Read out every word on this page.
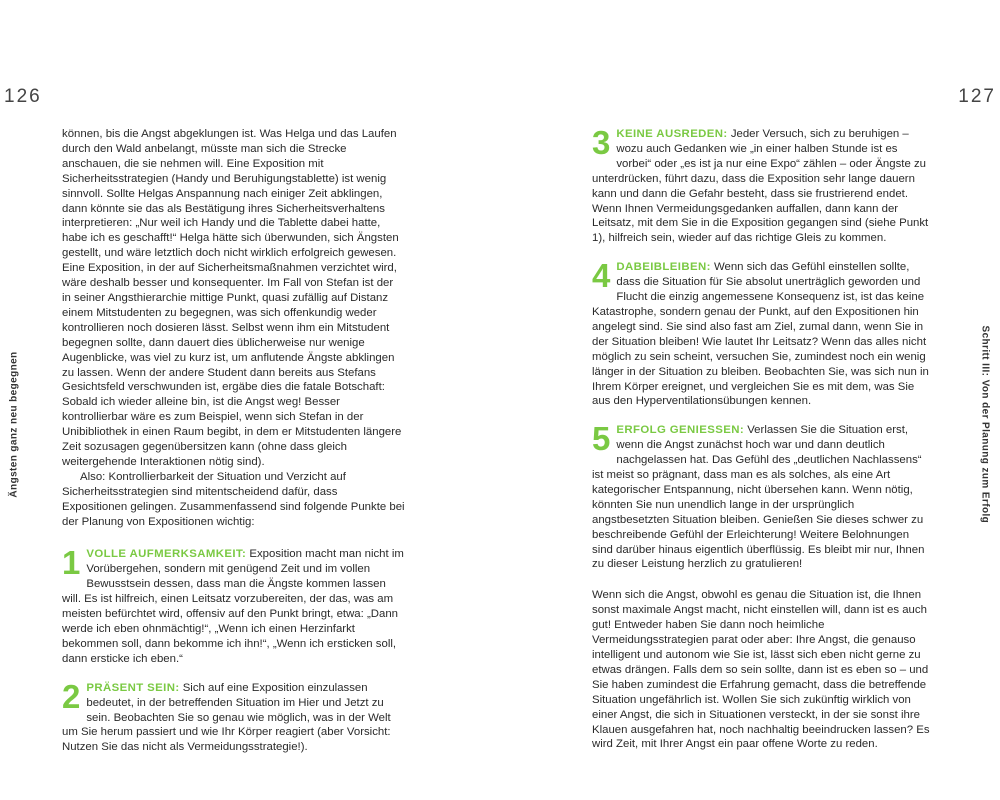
126
Ängsten ganz neu begegnen

können, bis die Angst abgeklungen ist. Was Helga und das Laufen durch den Wald anbelangt, müsste man sich die Strecke anschauen, die sie nehmen will. Eine Exposition mit Sicherheitsstrategien (Handy und Beruhigungstablette) ist wenig sinnvoll. Sollte Helgas Anspannung nach einiger Zeit abklingen, dann könnte sie das als Bestätigung ihres Sicherheitsverhaltens interpretieren: „Nur weil ich Handy und die Tablette dabei hatte, habe ich es geschafft!“ Helga hätte sich überwunden, sich Ängsten gestellt, und wäre letztlich doch nicht wirklich erfolgreich gewesen. Eine Exposition, in der auf Sicherheitsmaßnahmen verzichtet wird, wäre deshalb besser und konsequenter. Im Fall von Stefan ist der in seiner Angsthierarchie mittige Punkt, quasi zufällig auf Distanz einem Mitstudenten zu begegnen, was sich offenkundig weder kontrollieren noch dosieren lässt. Selbst wenn ihm ein Mitstudent begegnen sollte, dann dauert dies üblicherweise nur wenige Augenblicke, was viel zu kurz ist, um anflutende Ängste abklingen zu lassen. Wenn der andere Student dann bereits aus Stefans Gesichtsfeld verschwunden ist, ergäbe dies die fatale Botschaft: Sobald ich wieder alleine bin, ist die Angst weg! Besser kontrollierbar wäre es zum Beispiel, wenn sich Stefan in der Unibibliothek in einen Raum begibt, in dem er Mitstudenten längere Zeit sozusagen gegenübersitzen kann (ohne dass gleich weitergehende Interaktionen nötig sind).

Also: Kontrollierbarkeit der Situation und Verzicht auf Sicherheitsstrategien sind mitentscheidend dafür, dass Expositionen gelingen. Zusammenfassend sind folgende Punkte bei der Planung von Expositionen wichtig:

1 VOLLE AUFMERKSAMKEIT: Exposition macht man nicht im Vorübergehen, sondern mit genügend Zeit und im vollen Bewusstsein dessen, dass man die Ängste kommen lassen will. Es ist hilfreich, einen Leitsatz vorzubereiten, der das, was am meisten befürchtet wird, offensiv auf den Punkt bringt, etwa: „Dann werde ich eben ohnmächtig!“, „Wenn ich einen Herzinfarkt bekommen soll, dann bekomme ich ihn!“, „Wenn ich ersticken soll, dann ersticke ich eben.“
2 PRÄSENT SEIN: Sich auf eine Exposition einzulassen bedeutet, in der betreffenden Situation im Hier und Jetzt zu sein. Beobachten Sie so genau wie möglich, was in der Welt um Sie herum passiert und wie Ihr Körper reagiert (aber Vorsicht: Nutzen Sie das nicht als Vermeidungsstrategie!).
127
Schritt III: Von der Planung zum Erfolg
3 KEINE AUSREDEN: Jeder Versuch, sich zu beruhigen – wozu auch Gedanken wie „in einer halben Stunde ist es vorbei“ oder „es ist ja nur eine Expo“ zählen – oder Ängste zu unterdrücken, führt dazu, dass die Exposition sehr lange dauern kann und dann die Gefahr besteht, dass sie frustrierend endet. Wenn Ihnen Vermeidungsgedanken auffallen, dann kann der Leitsatz, mit dem Sie in die Exposition gegangen sind (siehe Punkt 1), hilfreich sein, wieder auf das richtige Gleis zu kommen.
4 DABEIBLEIBEN: Wenn sich das Gefühl einstellen sollte, dass die Situation für Sie absolut unerträglich geworden und Flucht die einzig angemessene Konsequenz ist, ist das keine Katastrophe, sondern genau der Punkt, auf den Expositionen hin angelegt sind. Sie sind also fast am Ziel, zumal dann, wenn Sie in der Situation bleiben! Wie lautet Ihr Leitsatz? Wenn das alles nicht möglich zu sein scheint, versuchen Sie, zumindest noch ein wenig länger in der Situation zu bleiben. Beobachten Sie, was sich nun in Ihrem Körper ereignet, und vergleichen Sie es mit dem, was Sie aus den Hyperventilationsübungen kennen.
5 ERFOLG GENIESSEN: Verlassen Sie die Situation erst, wenn die Angst zunächst hoch war und dann deutlich nachgelassen hat. Das Gefühl des „deutlichen Nachlassens“ ist meist so prägnant, dass man es als solches, als eine Art kategorischer Entspannung, nicht übersehen kann. Wenn nötig, könnten Sie nun unendlich lange in der ursprünglich angstbesetzten Situation bleiben. Genießen Sie dieses schwer zu beschreibende Gefühl der Erleichterung! Weitere Belohnungen sind darüber hinaus eigentlich überflüssig. Es bleibt mir nur, Ihnen zu dieser Leistung herzlich zu gratulieren!

Wenn sich die Angst, obwohl es genau die Situation ist, die Ihnen sonst maximale Angst macht, nicht einstellen will, dann ist es auch gut! Entweder haben Sie dann noch heimliche Vermeidungsstrategien parat oder aber: Ihre Angst, die genauso intelligent und autonom wie Sie ist, lässt sich eben nicht gerne zu etwas drängen. Falls dem so sein sollte, dann ist es eben so – und Sie haben zumindest die Erfahrung gemacht, dass die betreffende Situation ungefährlich ist. Wollen Sie sich zukünftig wirklich von einer Angst, die sich in Situationen versteckt, in der sie sonst ihre Klauen ausgefahren hat, noch nachhaltig beeindrucken lassen? Es wird Zeit, mit Ihrer Angst ein paar offene Worte zu reden.
